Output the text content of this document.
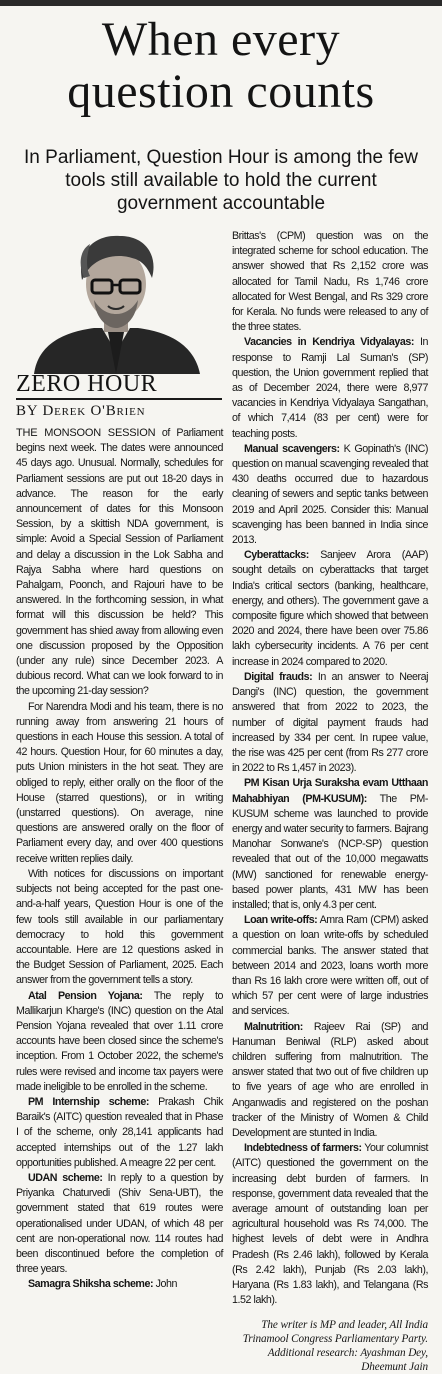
When every
question counts

In Parliament, Question Hour is among the few tools still available to hold the current government accountable

ZERO HOUR
BY Derek O'Brien

THE MONSOON SESSION of Parliament begins next week. The dates were announced 45 days ago. Unusual. Normally, schedules for Parliament sessions are put out 18-20 days in advance. The reason for the early announcement of dates for this Monsoon Session, by a skittish NDA government, is simple: Avoid a Special Session of Parliament and delay a discussion in the Lok Sabha and Rajya Sabha where hard questions on Pahalgam, Poonch, and Rajouri have to be answered. In the forthcoming session, in what format will this discussion be held? This government has shied away from allowing even one discussion proposed by the Opposition (under any rule) since December 2023. A dubious record. What can we look forward to in the upcoming 21-day session?

For Narendra Modi and his team, there is no running away from answering 21 hours of questions in each House this session. A total of 42 hours. Question Hour, for 60 minutes a day, puts Union ministers in the hot seat. They are obliged to reply, either orally on the floor of the House (starred questions), or in writing (unstarred questions). On average, nine questions are answered orally on the floor of Parliament every day, and over 400 questions receive written replies daily.

With notices for discussions on important subjects not being accepted for the past one-and-a-half years, Question Hour is one of the few tools still available in our parliamentary democracy to hold this government accountable. Here are 12 questions asked in the Budget Session of Parliament, 2025. Each answer from the government tells a story.

Atal Pension Yojana: The reply to Mallikarjun Kharge's (INC) question on the Atal Pension Yojana revealed that over 1.11 crore accounts have been closed since the scheme's inception. From 1 October 2022, the scheme's rules were revised and income tax payers were made ineligible to be enrolled in the scheme.

PM Internship scheme: Prakash Chik Baraik's (AITC) question revealed that in Phase I of the scheme, only 28,141 applicants had accepted internships out of the 1.27 lakh opportunities published. A meagre 22 per cent.

UDAN scheme: In reply to a question by Priyanka Chaturvedi (Shiv Sena-UBT), the government stated that 619 routes were operationalised under UDAN, of which 48 per cent are non-operational now. 114 routes had been discontinued before the completion of three years.

Samagra Shiksha scheme: John

Brittas's (CPM) question was on the integrated scheme for school education. The answer showed that Rs 2,152 crore was allocated for Tamil Nadu, Rs 1,746 crore allocated for West Bengal, and Rs 329 crore for Kerala. No funds were released to any of the three states.

Vacancies in Kendriya Vidyalayas: In response to Ramji Lal Suman's (SP) question, the Union government replied that as of December 2024, there were 8,977 vacancies in Kendriya Vidyalaya Sangathan, of which 7,414 (83 per cent) were for teaching posts.

Manual scavengers: K Gopinath's (INC) question on manual scavenging revealed that 430 deaths occurred due to hazardous cleaning of sewers and septic tanks between 2019 and April 2025. Consider this: Manual scavenging has been banned in India since 2013.

Cyberattacks: Sanjeev Arora (AAP) sought details on cyberattacks that target India's critical sectors (banking, healthcare, energy, and others). The government gave a composite figure which showed that between 2020 and 2024, there have been over 75.86 lakh cybersecurity incidents. A 76 per cent increase in 2024 compared to 2020.

Digital frauds: In an answer to Neeraj Dangi's (INC) question, the government answered that from 2022 to 2023, the number of digital payment frauds had increased by 334 per cent. In rupee value, the rise was 425 per cent (from Rs 277 crore in 2022 to Rs 1,457 in 2023).

PM Kisan Urja Suraksha evam Utthaan Mahabhiyan (PM-KUSUM): The PM-KUSUM scheme was launched to provide energy and water security to farmers. Bajrang Manohar Sonwane's (NCP-SP) question revealed that out of the 10,000 megawatts (MW) sanctioned for renewable energy-based power plants, 431 MW has been installed; that is, only 4.3 per cent.

Loan write-offs: Amra Ram (CPM) asked a question on loan write-offs by scheduled commercial banks. The answer stated that between 2014 and 2023, loans worth more than Rs 16 lakh crore were written off, out of which 57 per cent were of large industries and services.

Malnutrition: Rajeev Rai (SP) and Hanuman Beniwal (RLP) asked about children suffering from malnutrition. The answer stated that two out of five children up to five years of age who are enrolled in Anganwadis and registered on the poshan tracker of the Ministry of Women & Child Development are stunted in India.

Indebtedness of farmers: Your columnist (AITC) questioned the government on the increasing debt burden of farmers. In response, government data revealed that the average amount of outstanding loan per agricultural household was Rs 74,000. The highest levels of debt were in Andhra Pradesh (Rs 2.46 lakh), followed by Kerala (Rs 2.42 lakh), Punjab (Rs 2.03 lakh), Haryana (Rs 1.83 lakh), and Telangana (Rs 1.52 lakh).

The writer is MP and leader, All India Trinamool Congress Parliamentary Party. Additional research: Ayashman Dey, Dheemunt Jain
